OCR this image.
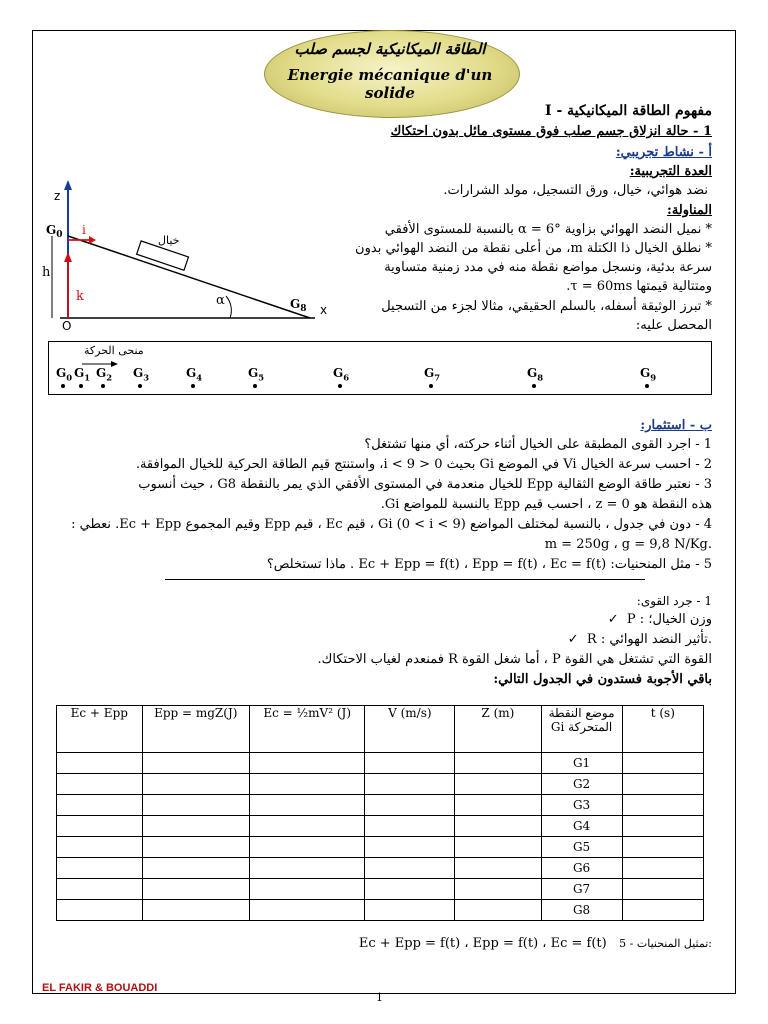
الطاقة الميكانيكية لجسم صلب
Energie mécanique d'un solide
I - مفهوم الطاقة الميكانيكية
1 - حالة انزلاق جسم صلب فوق مستوى مائل بدون احتكاك
أ - نشاط تجريبي:
العدة التجريبية:
نضد هوائي، خيال، ورق التسجيل، مولد الشرارات.
المناولة:
* نميل النضد الهوائي بزاوية α = 6° بالنسبة للمستوى الأفقي
* نطلق الخيال ذا الكتلة m، من أعلى نقطة من النضد الهوائي بدون
سرعة بدئية، ونسجل مواضع نقطة منه في مدد زمنية متساوية
ومتتالية قيمتها τ = 60ms.
* تبرز الوثيقة أسفله، بالسلم الحقيقي، مثالا لجزء من التسجيل
المحصل عليه:
z
O
x
h
$G_0$ i
k
خيال
α	$G_8$
منحى الحركة
$G_0$ $G_1$ $G_2$ $G_3$	$G_4$	$G_5$	$G_6$	$G_7$	$G_8$	$G_9$
ب - استثمار:
1 - اجرد القوى المطبقة على الخيال أثناء حركته، أي منها تشتغل؟
2 - احسب سرعة الخيال Vi في الموضع Gi بحيث 0 < i < 9، واستنتج قيم الطاقة الحركية للخيال الموافقة.
3 - نعتبر طاقة الوضع الثقالية Epp للخيال منعدمة في المستوى الأفقي الذي يمر بالنقطة G8 ، حيث أنسوب
هذه النقطة هو z = 0 ، احسب قيم Epp بالنسبة للمواضع Gi.
4 - دون في جدول ، بالنسبة لمختلف المواضع Gi (0 < i < 9) ، قيم Ec ، قيم Epp وقيم المجموع Ec + Epp. نعطي :
m = 250g ، g = 9,8 N/Kg.
5 - مثل المنحنيات: Ec + Epp = f(t) ، Epp = f(t) ، Ec = f(t) . ماذا تستخلص؟
1 - جرد القوى:
✓ P : وزن الخيال؛
✓ R : تأثير النضد الهوائي.
القوة التي تشتغل هي القوة P ، أما شغل القوة R فمنعدم لغياب الاحتكاك.
باقي الأجوبة فستدون في الجدول التالي:
Ec + Epp	Epp = mgZ(J)	Ec = ½mV² (J)	V (m/s)	Z (m)	موضع النقطة المتحركة Gi	t (s)
					G1	
					G2	
					G3	
					G4	
					G5	
					G6	
					G7	
					G8	
Ec + Epp = f(t) ، Epp = f(t) ، Ec = f(t) 5 - تمثيل المنحنيات:
EL FAKIR & BOUADDI
1
